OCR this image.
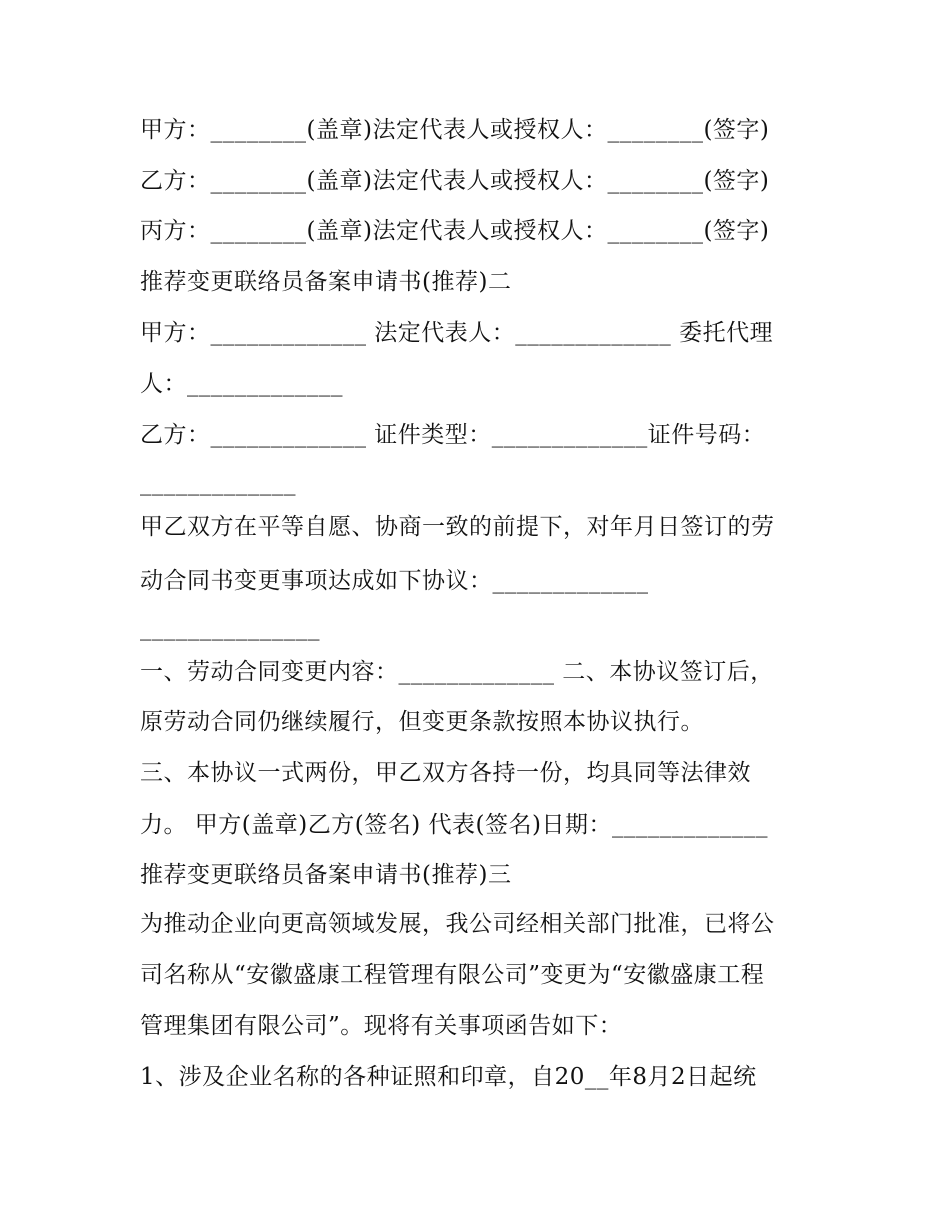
甲方：________(盖章)法定代表人或授权人：________(签字)
乙方：________(盖章)法定代表人或授权人：________(签字)
丙方：________(盖章)法定代表人或授权人：________(签字)
推荐变更联络员备案申请书(推荐)二
甲方：_____________ 法定代表人：_____________ 委托代理
人：_____________
乙方：_____________ 证件类型：_____________证件号码：
_____________
甲乙双方在平等自愿、协商一致的前提下，对年月日签订的劳
动合同书变更事项达成如下协议：_____________
_______________
一、劳动合同变更内容：_____________ 二、本协议签订后，
原劳动合同仍继续履行，但变更条款按照本协议执行。
三、本协议一式两份，甲乙双方各持一份，均具同等法律效
力。 甲方(盖章)乙方(签名) 代表(签名)日期：_____________
推荐变更联络员备案申请书(推荐)三
为推动企业向更高领域发展，我公司经相关部门批准，已将公
司名称从“安徽盛康工程管理有限公司”变更为“安徽盛康工程
管理集团有限公司”。现将有关事项函告如下：
1、涉及企业名称的各种证照和印章，自20__年8月2日起统
